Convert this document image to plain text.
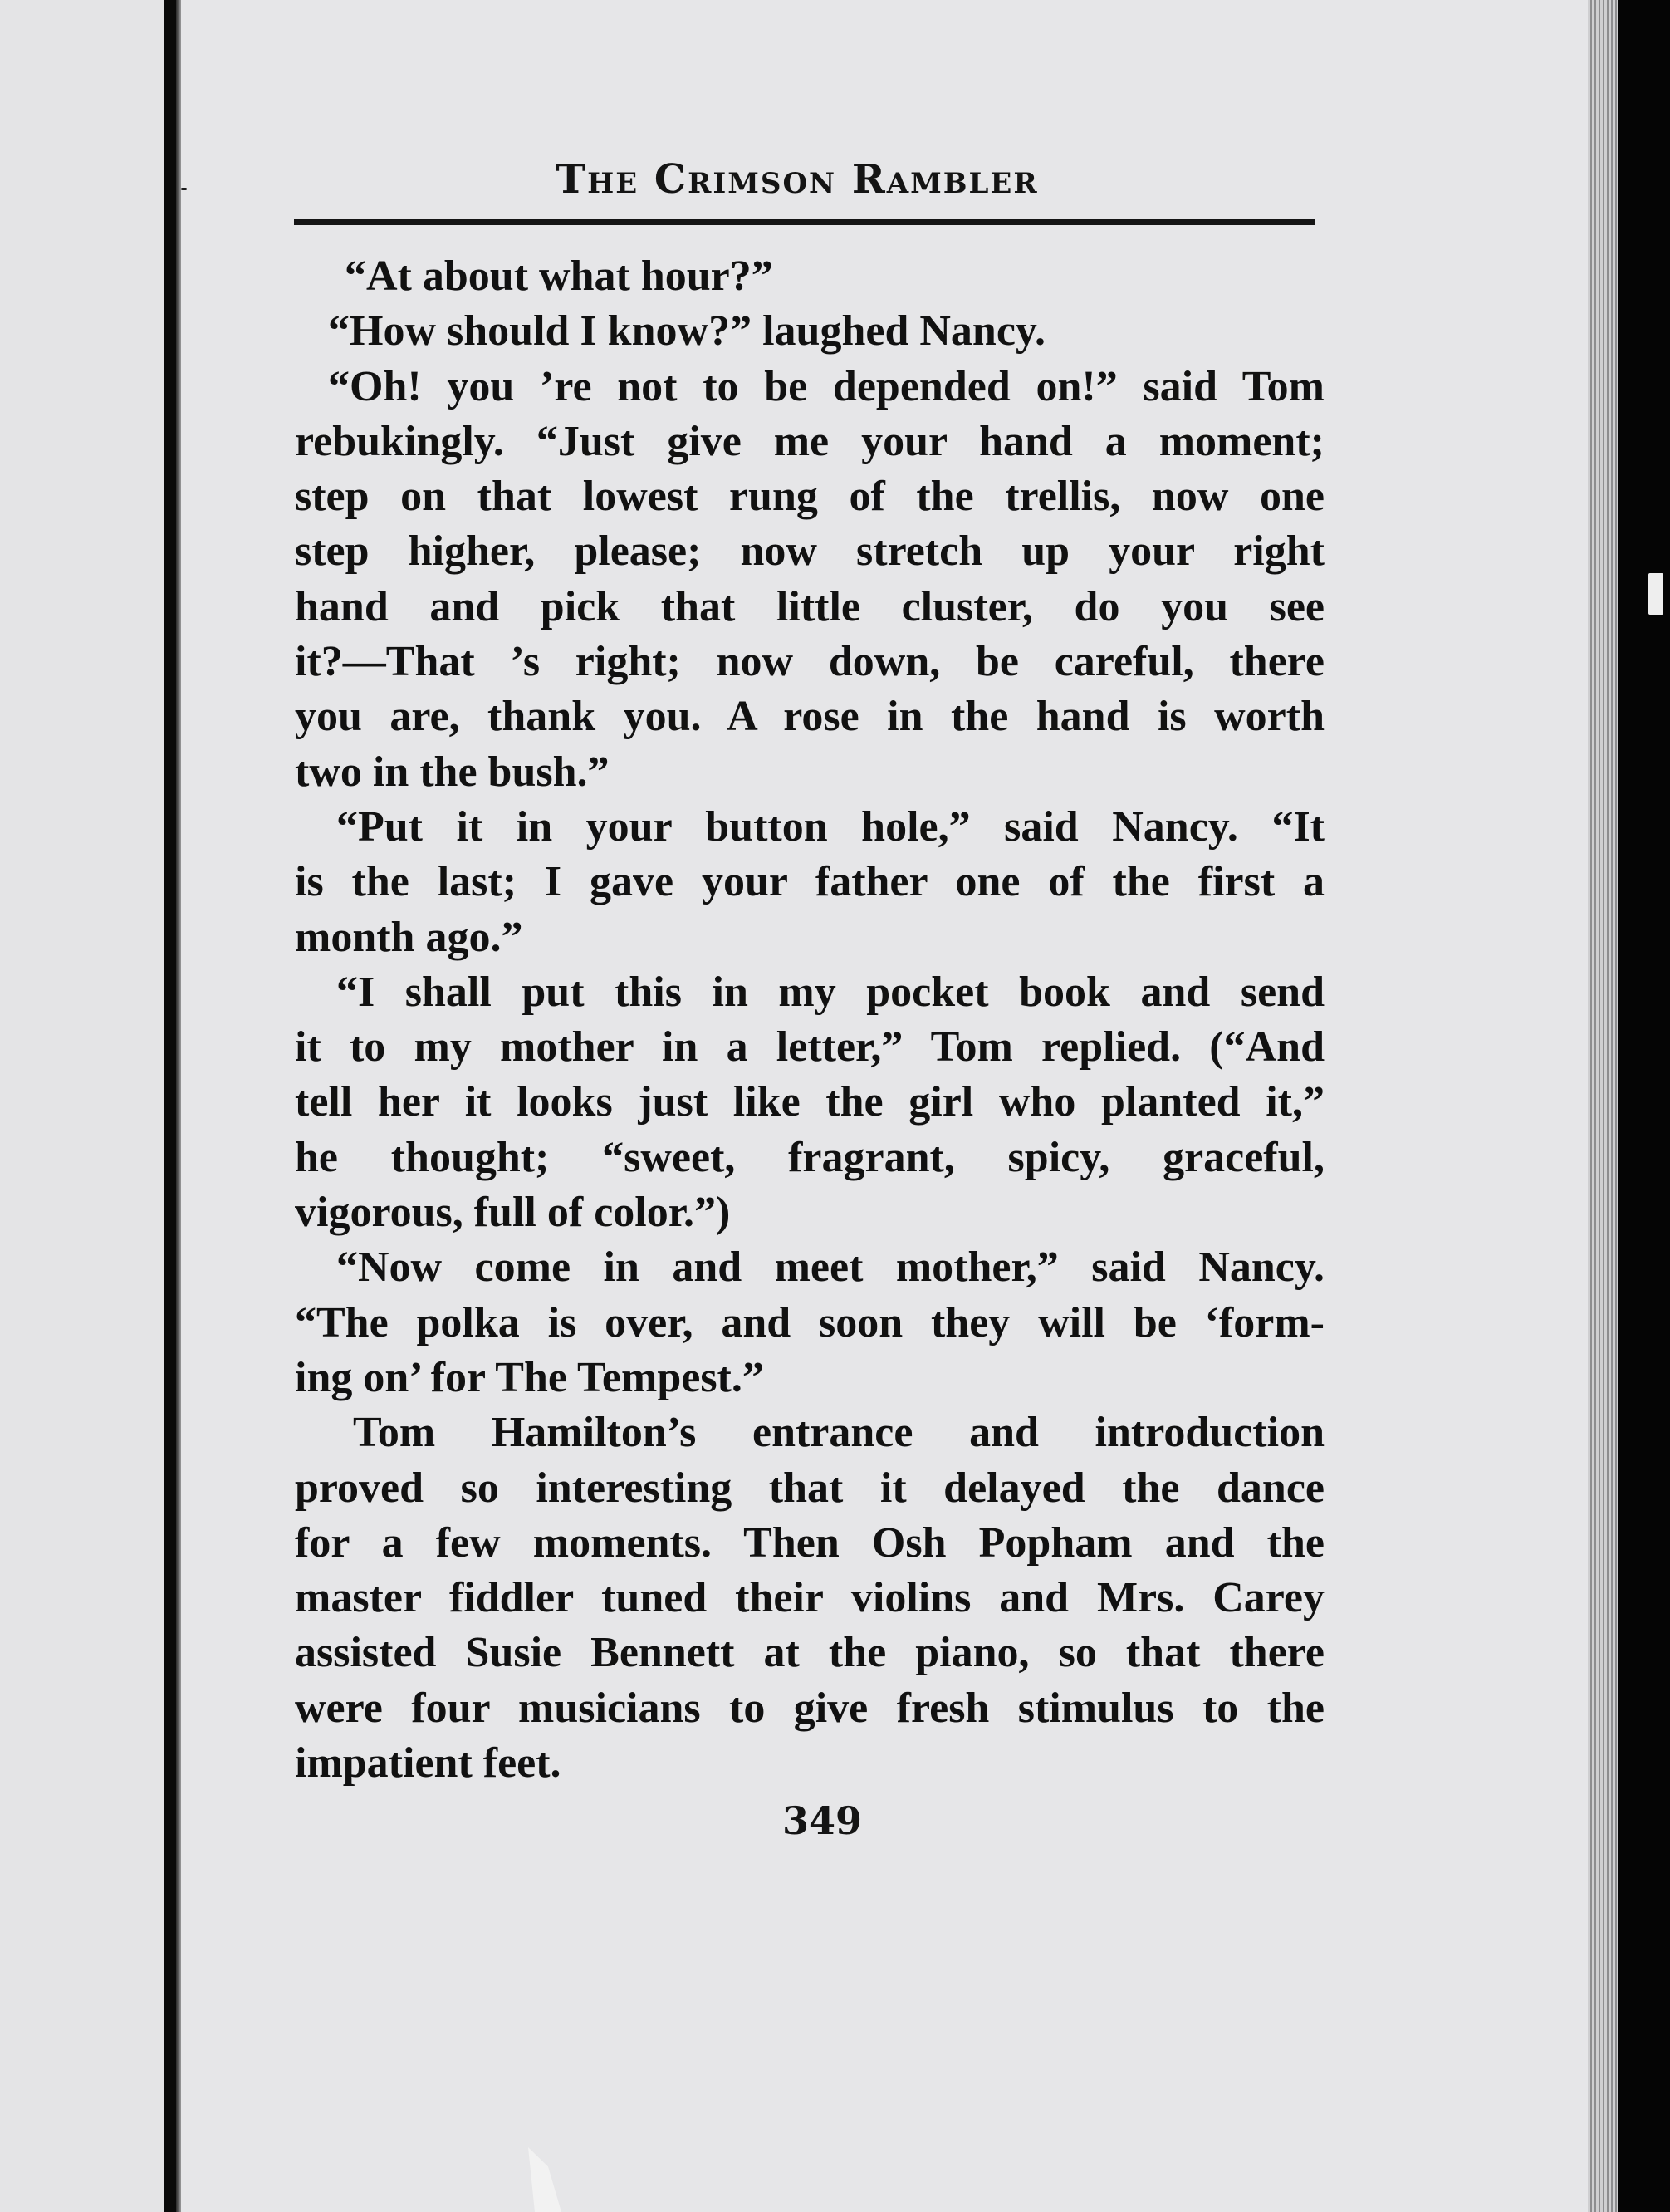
The Crimson Rambler
“At about what hour?”
“How should I know?” laughed Nancy.
“Oh! you ’re not to be depended on!” said Tom
rebukingly. “Just give me your hand a moment;
step on that lowest rung of the trellis, now one
step higher, please; now stretch up your right
hand and pick that little cluster, do you see
it?—That ’s right; now down, be careful, there
you are, thank you. A rose in the hand is worth
two in the bush.”
“Put it in your button hole,” said Nancy. “It
is the last; I gave your father one of the first a
month ago.”
“I shall put this in my pocket book and send
it to my mother in a letter,” Tom replied. (“And
tell her it looks just like the girl who planted it,”
he thought; “sweet, fragrant, spicy, graceful,
vigorous, full of color.”)
“Now come in and meet mother,” said Nancy.
“The polka is over, and soon they will be ‘form-
ing on’ for The Tempest.”
Tom Hamilton’s entrance and introduction
proved so interesting that it delayed the dance
for a few moments. Then Osh Popham and the
master fiddler tuned their violins and Mrs. Carey
assisted Susie Bennett at the piano, so that there
were four musicians to give fresh stimulus to the
impatient feet.
349
